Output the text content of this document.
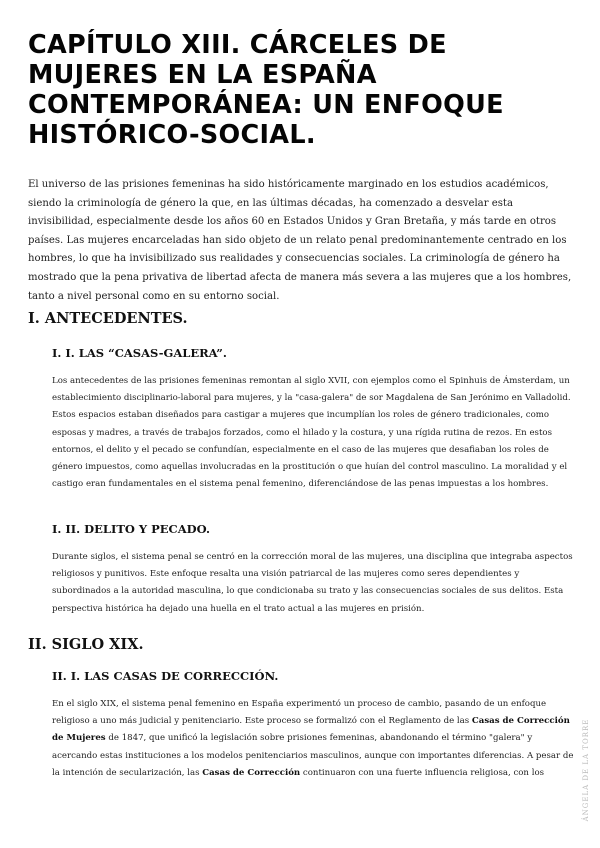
CAPÍTULO XIII. CÁRCELES DE MUJERES EN LA ESPAÑA CONTEMPORÁNEA: UN ENFOQUE HISTÓRICO-SOCIAL.

El universo de las prisiones femeninas ha sido históricamente marginado en los estudios académicos, siendo la criminología de género la que, en las últimas décadas, ha comenzado a desvelar esta invisibilidad, especialmente desde los años 60 en Estados Unidos y Gran Bretaña, y más tarde en otros países. Las mujeres encarceladas han sido objeto de un relato penal predominantemente centrado en los hombres, lo que ha invisibilizado sus realidades y consecuencias sociales. La criminología de género ha mostrado que la pena privativa de libertad afecta de manera más severa a las mujeres que a los hombres, tanto a nivel personal como en su entorno social.

I. ANTECEDENTES.
I. I. LAS “CASAS-GALERA”.

Los antecedentes de las prisiones femeninas remontan al siglo XVII, con ejemplos como el Spinhuis de Ámsterdam, un establecimiento disciplinario-laboral para mujeres, y la "casa-galera" de sor Magdalena de San Jerónimo en Valladolid. Estos espacios estaban diseñados para castigar a mujeres que incumplían los roles de género tradicionales, como esposas y madres, a través de trabajos forzados, como el hilado y la costura, y una rígida rutina de rezos. En estos entornos, el delito y el pecado se confundían, especialmente en el caso de las mujeres que desafiaban los roles de género impuestos, como aquellas involucradas en la prostitución o que huían del control masculino. La moralidad y el castigo eran fundamentales en el sistema penal femenino, diferenciándose de las penas impuestas a los hombres.

I. II. DELITO Y PECADO.

Durante siglos, el sistema penal se centró en la corrección moral de las mujeres, una disciplina que integraba aspectos religiosos y punitivos. Este enfoque resalta una visión patriarcal de las mujeres como seres dependientes y subordinados a la autoridad masculina, lo que condicionaba su trato y las consecuencias sociales de sus delitos. Esta perspectiva histórica ha dejado una huella en el trato actual a las mujeres en prisión.

II. SIGLO XIX.
II. I. LAS CASAS DE CORRECCIÓN.

En el siglo XIX, el sistema penal femenino en España experimentó un proceso de cambio, pasando de un enfoque religioso a uno más judicial y penitenciario. Este proceso se formalizó con el Reglamento de las Casas de Corrección de Mujeres de 1847, que unificó la legislación sobre prisiones femeninas, abandonando el término "galera" y acercando estas instituciones a los modelos penitenciarios masculinos, aunque con importantes diferencias. A pesar de la intención de secularización, las Casas de Corrección continuaron con una fuerte influencia religiosa, con los	ÁNGELA DE LA TORRE
